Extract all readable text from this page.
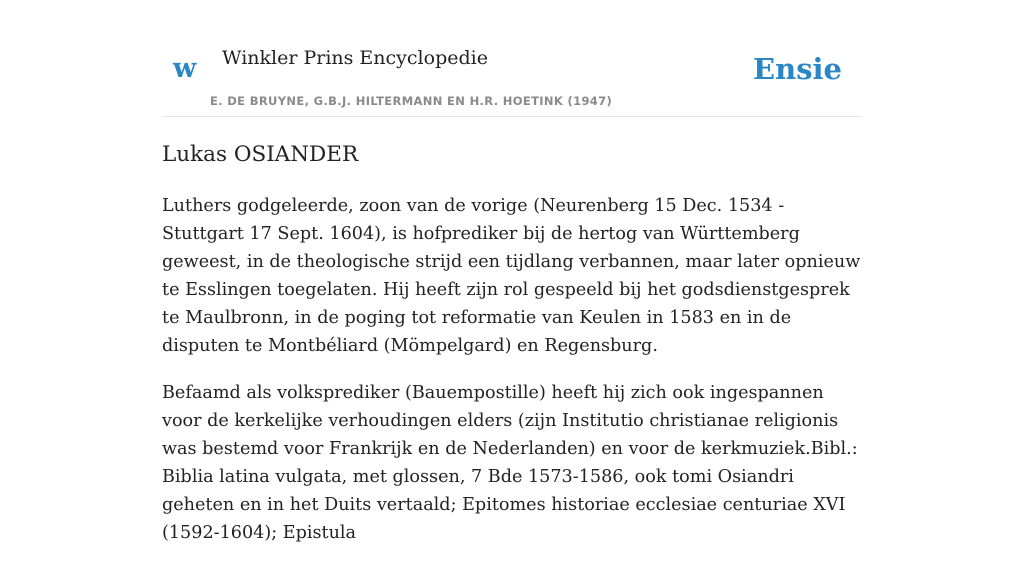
w Winkler Prins Encyclopedie
E. DE BRUYNE, G.B.J. HILTERMANN EN H.R. HOETINK (1947)
Ensie
Lukas OSIANDER

Luthers godgeleerde, zoon van de vorige (Neurenberg 15 Dec. 1534 - Stuttgart 17 Sept. 1604), is hofprediker bij de hertog van Württemberg geweest, in de theologische strijd een tijdlang verbannen, maar later opnieuw te Esslingen toegelaten. Hij heeft zijn rol gespeeld bij het godsdienstgesprek te Maulbronn, in de poging tot reformatie van Keulen in 1583 en in de disputen te Montbéliard (Mömpelgard) en Regensburg.

Befaamd als volksprediker (Bauempostille) heeft hij zich ook ingespannen voor de kerkelijke verhoudingen elders (zijn Institutio christianae religionis was bestemd voor Frankrijk en de Nederlanden) en voor de kerkmuziek.Bibl.: Biblia latina vulgata, met glossen, 7 Bde 1573-1586, ook tomi Osiandri geheten en in het Duits vertaald; Epitomes historiae ecclesiae centuriae XVI (1592-1604); Epistula
